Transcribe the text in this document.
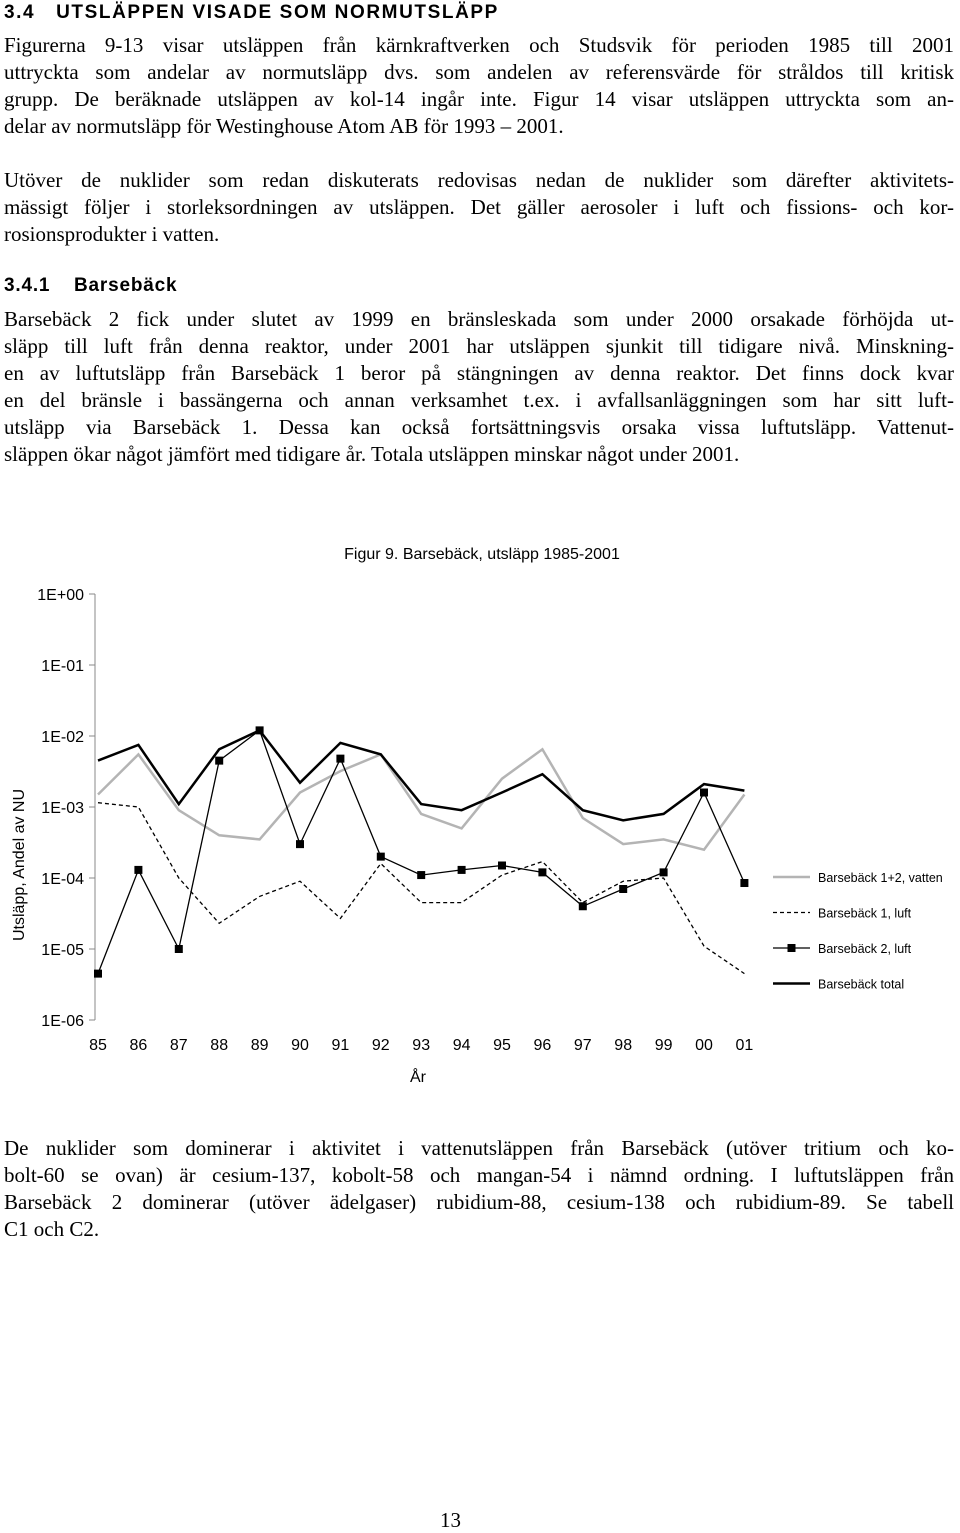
3.4 UTSLÄPPEN VISADE SOM NORMUTSLÄPP
Figurerna 9-13 visar utsläppen från kärnkraftverken och Studsvik för perioden 1985 till 2001
uttryckta som andelar av normutsläpp dvs. som andelen av referensvärde för stråldos till kritisk
grupp. De beräknade utsläppen av kol-14 ingår inte. Figur 14 visar utsläppen uttryckta som an-
delar av normutsläpp för Westinghouse Atom AB för 1993 – 2001.
Utöver de nuklider som redan diskuterats redovisas nedan de nuklider som därefter aktivitets-
mässigt följer i storleksordningen av utsläppen. Det gäller aerosoler i luft och fissions- och kor-
rosionsprodukter i vatten.
3.4.1 Barsebäck
Barsebäck 2 fick under slutet av 1999 en bränsleskada som under 2000 orsakade förhöjda ut-
släpp till luft från denna reaktor, under 2001 har utsläppen sjunkit till tidigare nivå. Minskning-
en av luftutsläpp från Barsebäck 1 beror på stängningen av denna reaktor. Det finns dock kvar
en del bränsle i bassängerna och annan verksamhet t.ex. i avfallsanläggningen som har sitt luft-
utsläpp via Barsebäck 1. Dessa kan också fortsättningsvis orsaka vissa luftutsläpp. Vattenut-
släppen ökar något jämfört med tidigare år. Totala utsläppen minskar något under 2001.
Figur 9. Barsebäck, utsläpp 1985-2001
Utsläpp, Andel av NU
År
1E+00
1E-01
1E-02
1E-03
1E-04
1E-05
1E-06
85 86 87 88 89 90 91 92 93 94 95 96 97 98 99 00 01
Barsebäck 1+2, vatten
Barsebäck 1, luft
Barsebäck 2, luft
Barsebäck total
De nuklider som dominerar i aktivitet i vattenutsläppen från Barsebäck (utöver tritium och ko-
bolt-60 se ovan) är cesium-137, kobolt-58 och mangan-54 i nämnd ordning. I luftutsläppen från
Barsebäck 2 dominerar (utöver ädelgaser) rubidium-88, cesium-138 och rubidium-89. Se tabell
C1 och C2.
13
